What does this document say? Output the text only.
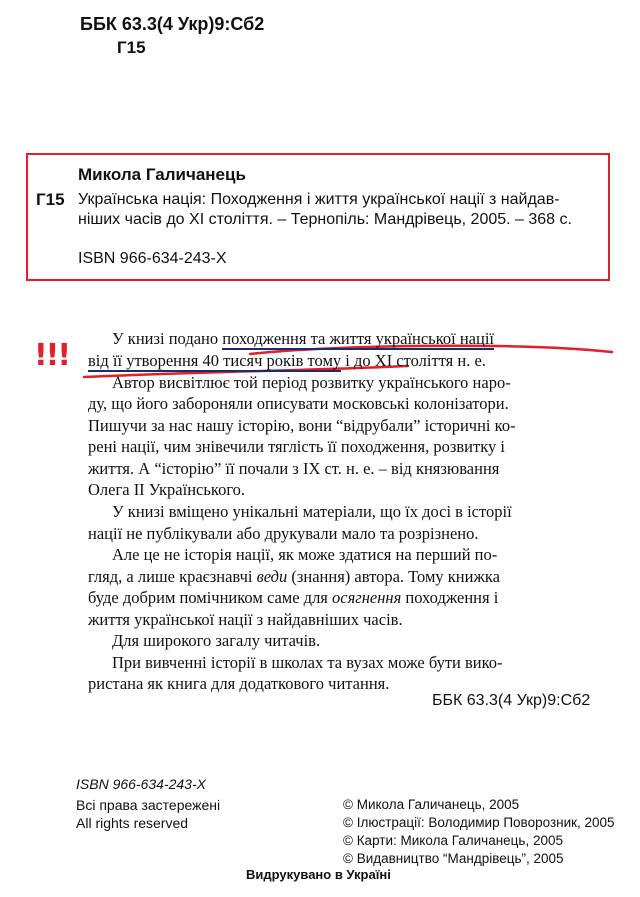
ББК 63.3(4 Укр)9:Сб2
Г15
Микола Галичанець
Г15 Українська нація: Походження і життя української нації з найдав-
ніших часів до XI століття. – Тернопіль: Мандрівець, 2005. – 368 с.
ISBN 966-634-243-X
!!!	У книзі подано походження та життя української нації
від її утворення 40 тисяч років тому і до XI століття н. е.
Автор висвітлює той період розвитку українського наро-
ду, що його забороняли описувати московські колонізатори.
Пишучи за нас нашу історію, вони “відрубали” історичні ко-
рені нації, чим знівечили тяглість її походження, розвитку і
життя. А “історію” її почали з IX ст. н. е. – від князювання
Олега II Українського.
У книзі вміщено унікальні матеріали, що їх досі в історії
нації не публікували або друкували мало та розрізнено.
Але це не історія нації, як може здатися на перший по-
гляд, а лише краєзнавчі веди (знання) автора. Тому книжка
буде добрим помічником саме для осягнення походження і
життя української нації з найдавніших часів.
Для широкого загалу читачів.
При вивченні історії в школах та вузах може бути вико-
ристана як книга для додаткового читання.
ББК 63.3(4 Укр)9:Сб2
ISBN 966-634-243-X
Всі права застережені
All rights reserved
© Микола Галичанець, 2005
© Ілюстрації: Володимир Поворозник, 2005
© Карти: Микола Галичанець, 2005
© Видавництво “Мандрівець”, 2005
Видрукувано в Україні
